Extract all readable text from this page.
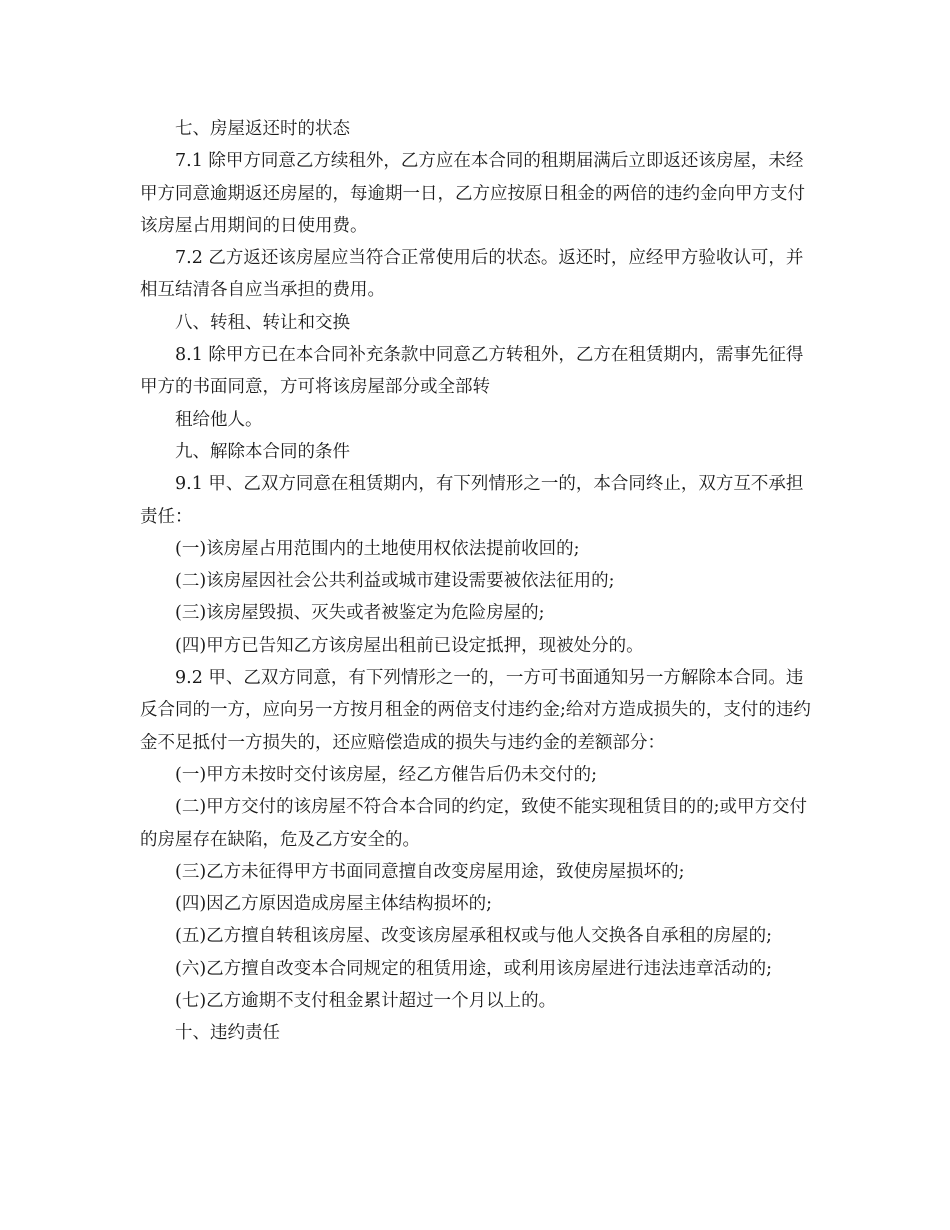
七、房屋返还时的状态

7.1 除甲方同意乙方续租外，乙方应在本合同的租期届满后立即返还该房屋，未经甲方同意逾期返还房屋的，每逾期一日，乙方应按原日租金的两倍的违约金向甲方支付该房屋占用期间的日使用费。

7.2 乙方返还该房屋应当符合正常使用后的状态。返还时，应经甲方验收认可，并相互结清各自应当承担的费用。

八、转租、转让和交换

8.1 除甲方已在本合同补充条款中同意乙方转租外，乙方在租赁期内，需事先征得甲方的书面同意，方可将该房屋部分或全部转

租给他人。

九、解除本合同的条件

9.1 甲、乙双方同意在租赁期内，有下列情形之一的，本合同终止，双方互不承担责任：

(一)该房屋占用范围内的土地使用权依法提前收回的;

(二)该房屋因社会公共利益或城市建设需要被依法征用的;

(三)该房屋毁损、灭失或者被鉴定为危险房屋的;

(四)甲方已告知乙方该房屋出租前已设定抵押，现被处分的。

9.2 甲、乙双方同意，有下列情形之一的，一方可书面通知另一方解除本合同。违反合同的一方，应向另一方按月租金的两倍支付违约金;给对方造成损失的，支付的违约金不足抵付一方损失的，还应赔偿造成的损失与违约金的差额部分：

(一)甲方未按时交付该房屋，经乙方催告后仍未交付的;

(二)甲方交付的该房屋不符合本合同的约定，致使不能实现租赁目的的;或甲方交付的房屋存在缺陷，危及乙方安全的。

(三)乙方未征得甲方书面同意擅自改变房屋用途，致使房屋损坏的;

(四)因乙方原因造成房屋主体结构损坏的;

(五)乙方擅自转租该房屋、改变该房屋承租权或与他人交换各自承租的房屋的;

(六)乙方擅自改变本合同规定的租赁用途，或利用该房屋进行违法违章活动的;

(七)乙方逾期不支付租金累计超过一个月以上的。

十、违约责任
